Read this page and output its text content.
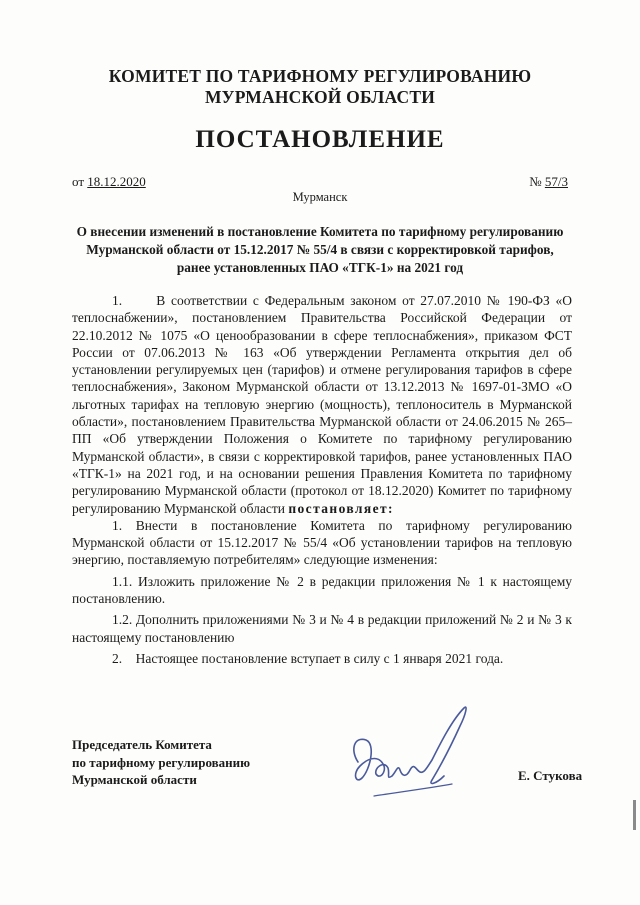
КОМИТЕТ ПО ТАРИФНОМУ РЕГУЛИРОВАНИЮ
МУРМАНСКОЙ ОБЛАСТИ
ПОСТАНОВЛЕНИЕ
от 18.12.2020	№ 57/3
Мурманск
О внесении изменений в постановление Комитета по тарифному регулированию Мурманской области от 15.12.2017 № 55/4 в связи с корректировкой тарифов, ранее установленных ПАО «ТГК-1» на 2021 год

1.      В соответствии с Федеральным законом от 27.07.2010 № 190-ФЗ «О теплоснабжении», постановлением Правительства Российской Федерации от 22.10.2012 № 1075 «О ценообразовании в сфере теплоснабжения», приказом ФСТ России от 07.06.2013 № 163 «Об утверждении Регламента открытия дел об установлении регулируемых цен (тарифов) и отмене регулирования тарифов в сфере теплоснабжения», Законом Мурманской области от 13.12.2013 № 1697-01-ЗМО «О льготных тарифах на тепловую энергию (мощность), теплоноситель в Мурманской области», постановлением Правительства Мурманской области от 24.06.2015 № 265–ПП «Об утверждении Положения о Комитете по тарифному регулированию Мурманской области», в связи с корректировкой тарифов, ранее установленных ПАО «ТГК-1» на 2021 год, и на основании решения Правления Комитета по тарифному регулированию Мурманской области (протокол от 18.12.2020) Комитет по тарифному регулированию Мурманской области постановляет:

1. Внести в постановление Комитета по тарифному регулированию Мурманской области от 15.12.2017 № 55/4 «Об установлении тарифов на тепловую энергию, поставляемую потребителям» следующие изменения:

1.1. Изложить приложение № 2 в редакции приложения № 1 к настоящему постановлению.

1.2. Дополнить приложениями № 3 и № 4 в редакции приложений № 2 и № 3 к настоящему постановлению

2.    Настоящее постановление вступает в силу с 1 января 2021 года.

Председатель Комитета
по тарифному регулированию
Мурманской области	Е. Стукова
